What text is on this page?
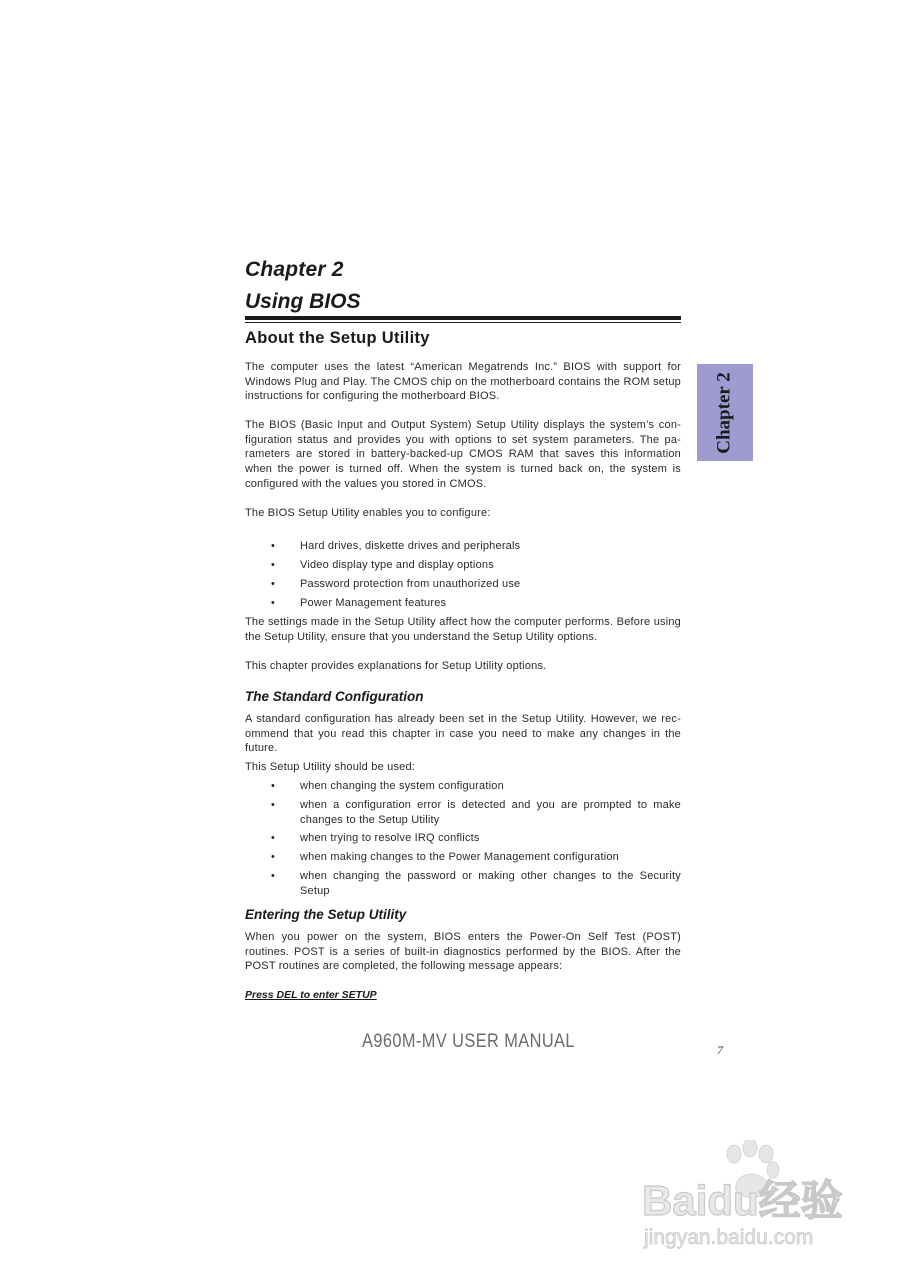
Chapter 2
Using BIOS
About the Setup Utility

The computer uses the latest “American Megatrends Inc.” BIOS with support for Windows Plug and Play. The CMOS chip on the motherboard contains the ROM setup instructions for configuring the motherboard BIOS.

The BIOS (Basic Input and Output System) Setup Utility displays the system’s con-figuration status and provides you with options to set system parameters. The pa-rameters are stored in battery-backed-up CMOS RAM that saves this information when the power is turned off. When the system is turned back on, the system is configured with the values you stored in CMOS.

The BIOS Setup Utility enables you to configure:
• Hard drives, diskette drives and peripherals
• Video display type and display options
• Password protection from unauthorized use
• Power Management features

The settings made in the Setup Utility affect how the computer performs. Before using the Setup Utility, ensure that you understand the Setup Utility options.

This chapter provides explanations for Setup Utility options.
The Standard Configuration

A standard configuration has already been set in the Setup Utility. However, we rec-ommend that you read this chapter in case you need to make any changes in the future.

This Setup Utility should be used:
• when changing the system configuration
• when a configuration error is detected and you are prompted to make changes to the Setup Utility
• when trying to resolve IRQ conflicts
• when making changes to the Power Management configuration
• when changing the password or making other changes to the Security Setup
Entering the Setup Utility

When you power on the system, BIOS enters the Power-On Self Test (POST) routines. POST is a series of built-in diagnostics performed by the BIOS. After the POST routines are completed, the following message appears:

Press DEL to enter SETUP
Chapter 2
A960M-MV USER MANUAL	7
Baidu经验
jingyan.baidu.com
